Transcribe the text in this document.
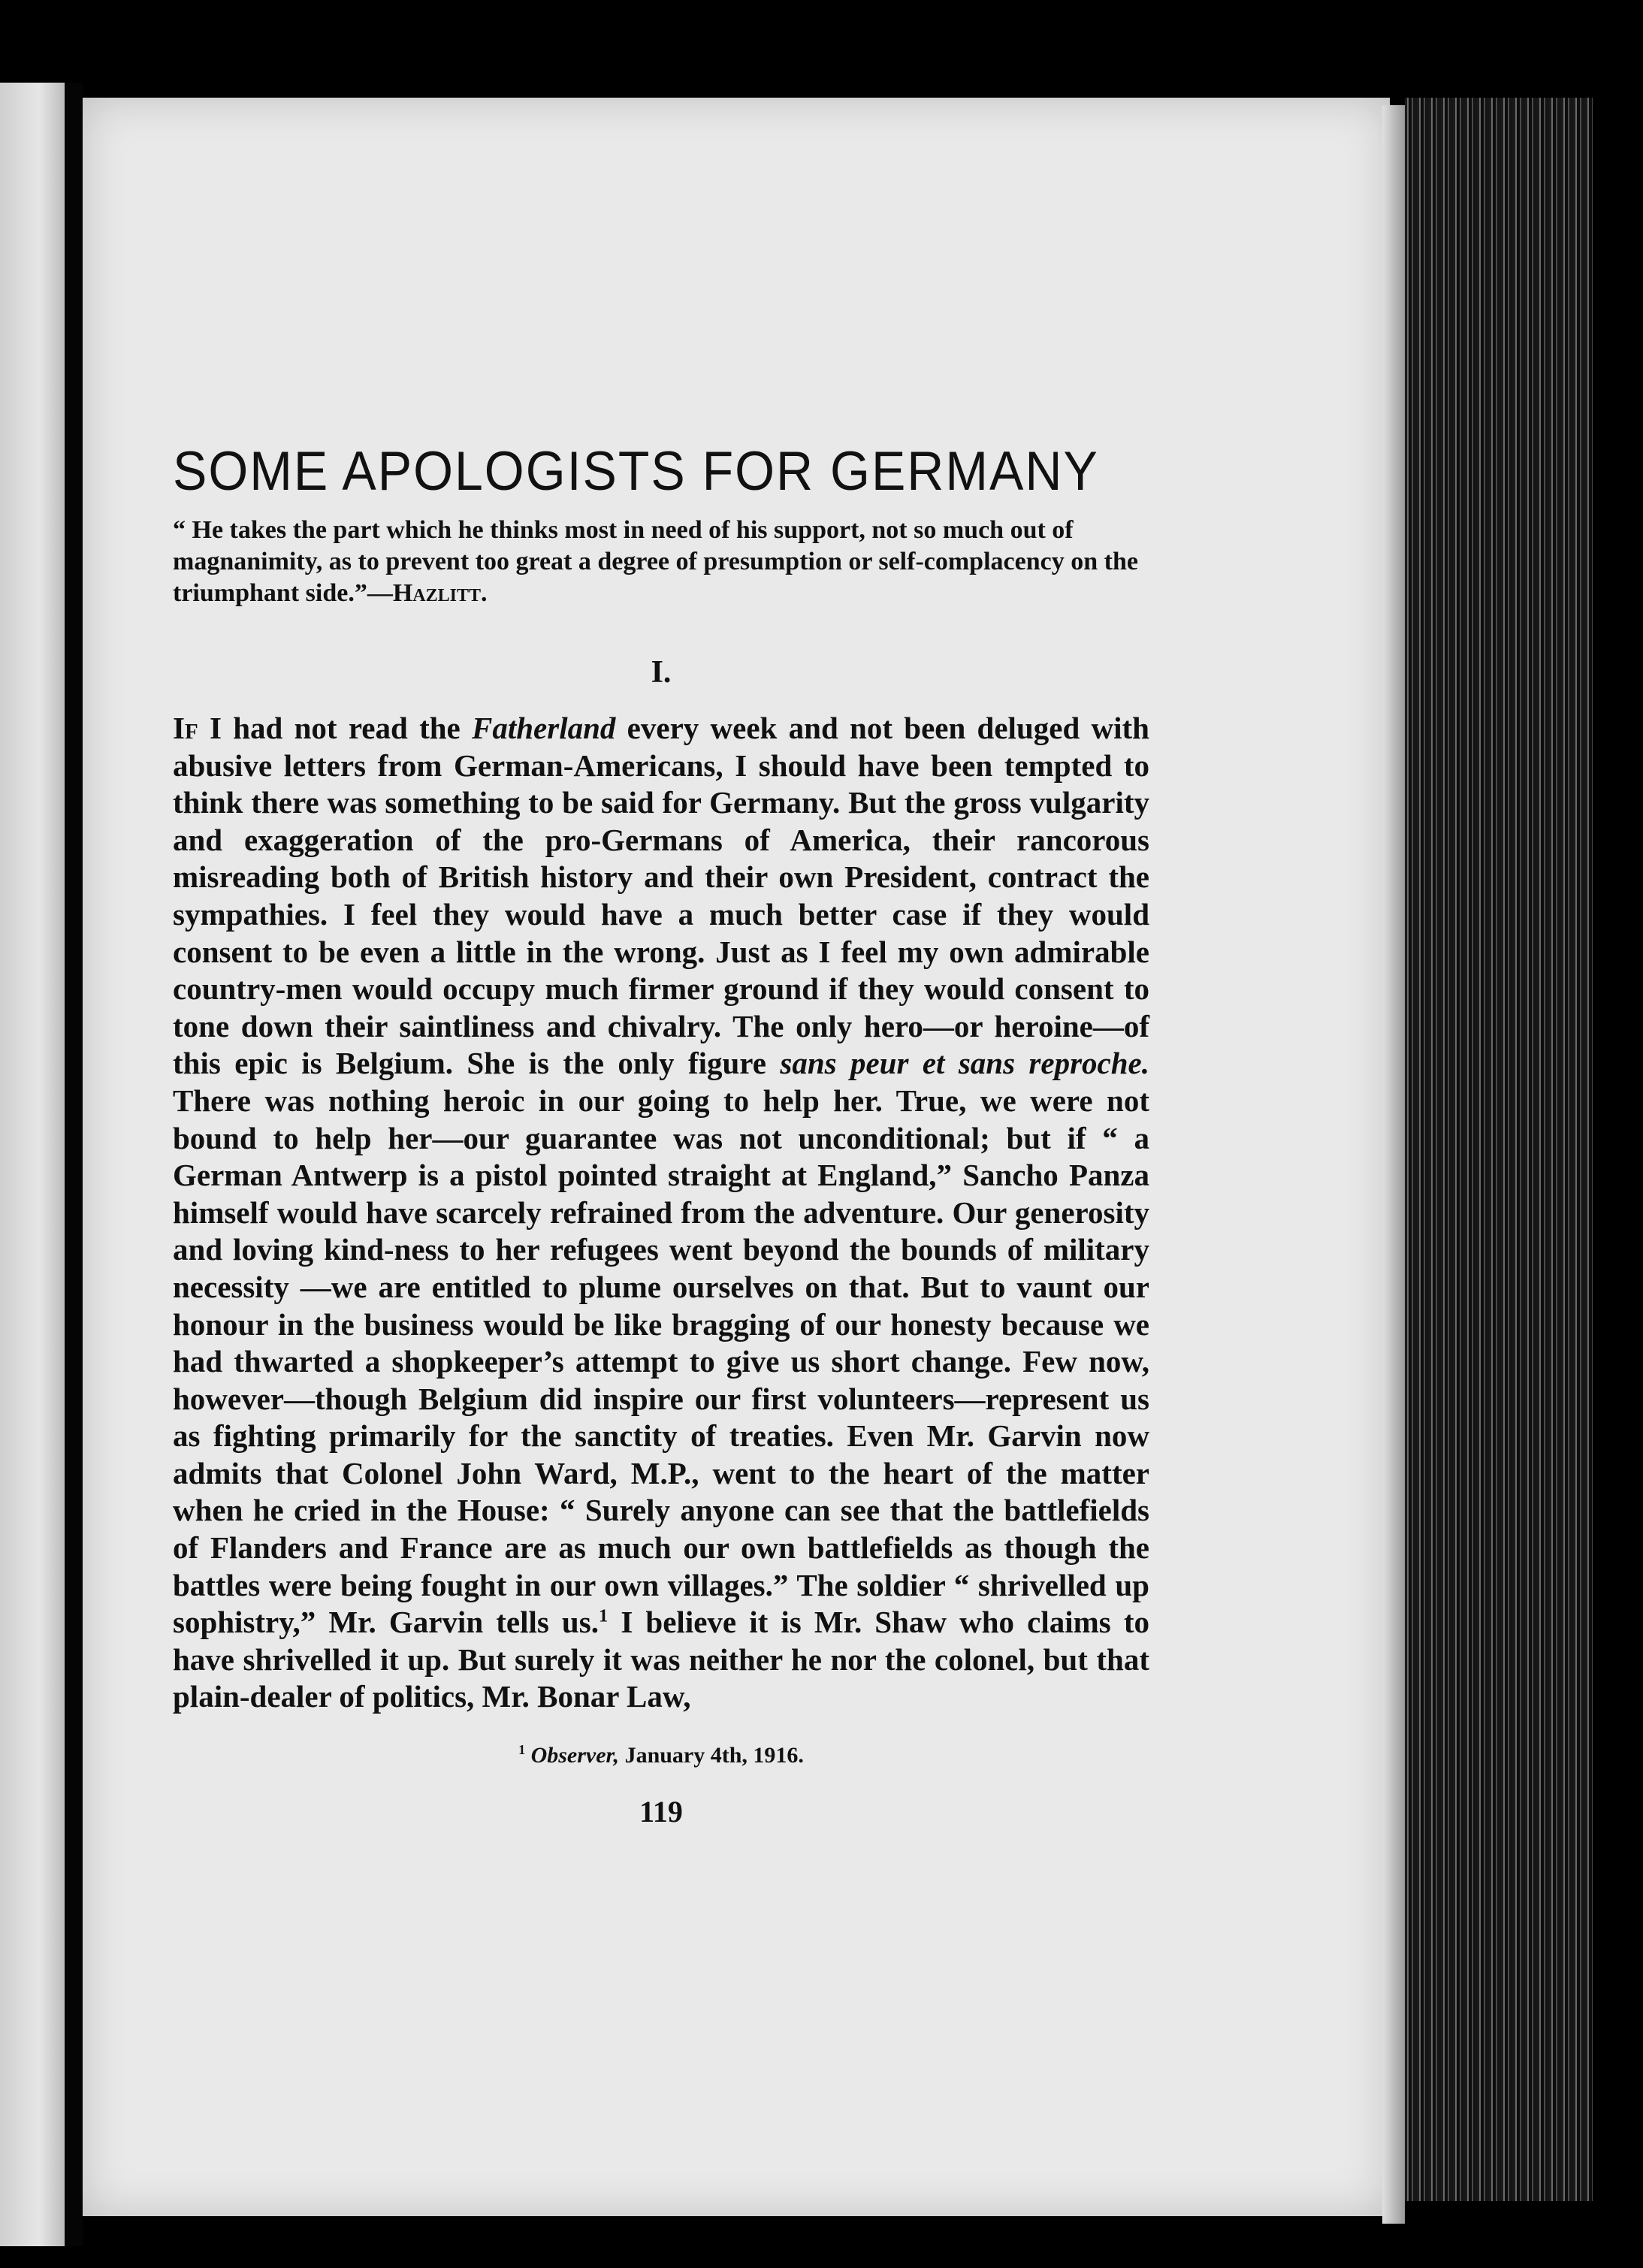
SOME APOLOGISTS FOR GERMANY

“ He takes the part which he thinks most in need of his support, not so much out of magnanimity, as to prevent too great a degree of presumption or self-complacency on the triumphant side.”—Hazlitt.

I.

If I had not read the Fatherland every week and not been deluged with abusive letters from German-Americans, I should have been tempted to think there was something to be said for Germany. But the gross vulgarity and exaggeration of the pro-Germans of America, their rancorous misreading both of British history and their own President, contract the sympathies. I feel they would have a much better case if they would consent to be even a little in the wrong. Just as I feel my own admirable country-men would occupy much firmer ground if they would consent to tone down their saintliness and chivalry. The only hero—or heroine—of this epic is Belgium. She is the only figure sans peur et sans reproche. There was nothing heroic in our going to help her. True, we were not bound to help her—our guarantee was not unconditional; but if “ a German Antwerp is a pistol pointed straight at England,” Sancho Panza himself would have scarcely refrained from the adventure. Our generosity and loving kind-ness to her refugees went beyond the bounds of military necessity —we are entitled to plume ourselves on that. But to vaunt our honour in the business would be like bragging of our honesty because we had thwarted a shopkeeper’s attempt to give us short change. Few now, however—though Belgium did inspire our first volunteers—represent us as fighting primarily for the sanctity of treaties. Even Mr. Garvin now admits that Colonel John Ward, M.P., went to the heart of the matter when he cried in the House: “ Surely anyone can see that the battlefields of Flanders and France are as much our own battlefields as though the battles were being fought in our own villages.” The soldier “ shrivelled up sophistry,” Mr. Garvin tells us.$^1$ I believe it is Mr. Shaw who claims to have shrivelled it up. But surely it was neither he nor the colonel, but that plain-dealer of politics, Mr. Bonar Law,

$^1$ Observer, January 4th, 1916.

119
